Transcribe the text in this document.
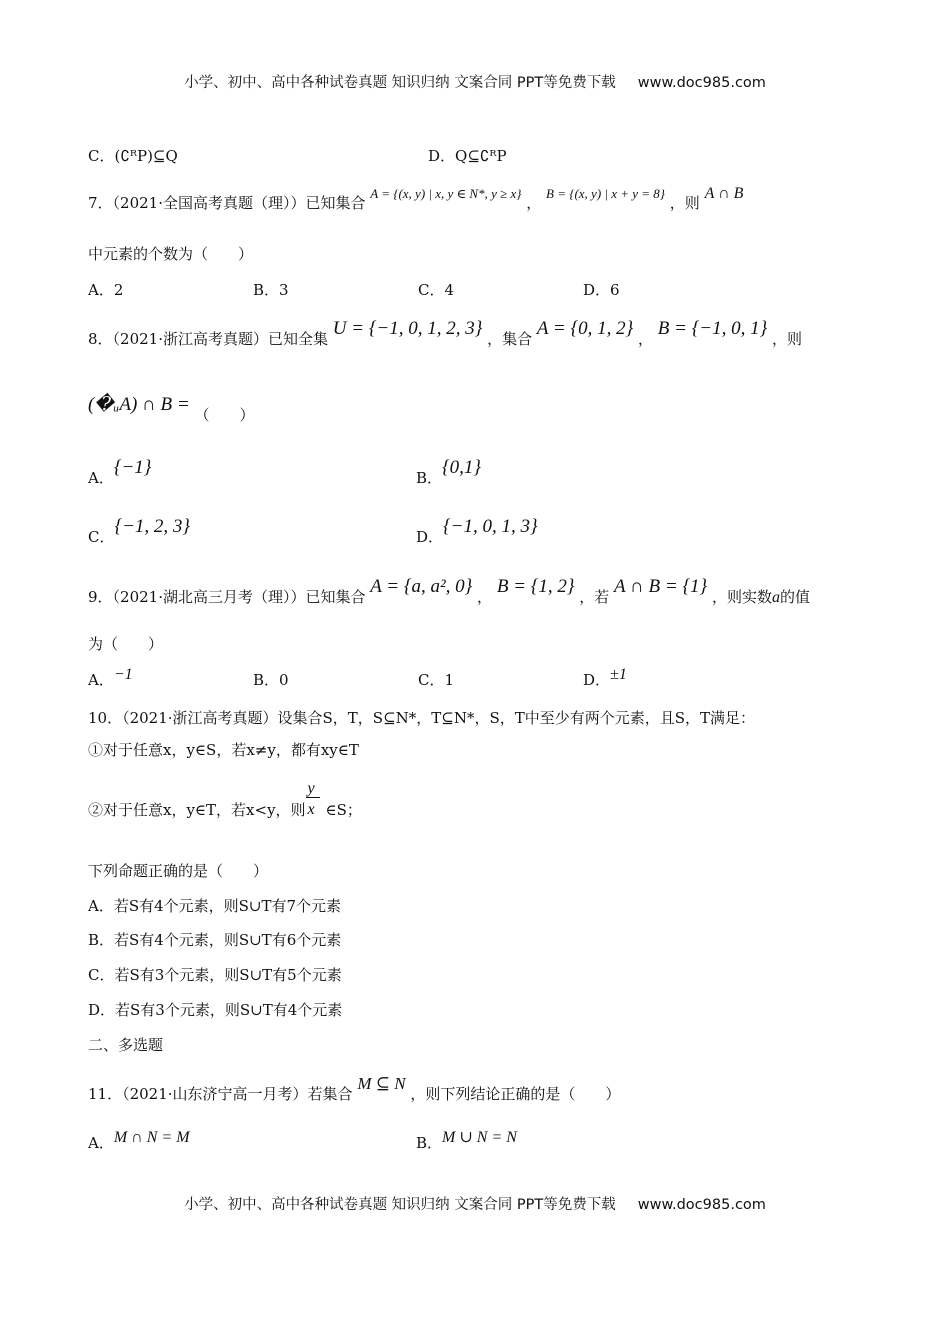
小学、初中、高中各种试卷真题 知识归纳 文案合同 PPT等免费下载 www.doc985.com
C．(∁ᴿP)⊆Q	D．Q⊆∁ᴿP
7．（2021·全国高考真题（理））已知集合 A = {(x, y) | x, y ∈ N*, y ≥ x} ， B = {(x, y) | x + y = 8} ，则 A ∩ B
中元素的个数为（　　）
A．2	B．3	C．4	D．6
8．（2021·浙江高考真题）已知全集 U = {−1, 0, 1, 2, 3} ，集合 A = {0, 1, 2} ， B = {−1, 0, 1} ，则
(�ᵤA) ∩ B = （　　）
A．{−1}	B．{0,1}
C．{−1, 2, 3}	D．{−1, 0, 1, 3}
9．（2021·湖北高三月考（理））已知集合 A = {a, a², 0} ， B = {1, 2} ，若 A ∩ B = {1} ，则实数a的值
为（　　）
A．−1	B．0	C．1	D．±1
10．（2021·浙江高考真题）设集合S，T，S⊆N*，T⊆N*，S，T中至少有两个元素，且S，T满足：
①对于任意x，y∈S，若x≠y，都有xy∈T
②对于任意x，y∈T，若x<y，则 $\frac{y}{x}$ ∈S；
下列命题正确的是（　　）
A．若S有4个元素，则S∪T有7个元素
B．若S有4个元素，则S∪T有6个元素
C．若S有3个元素，则S∪T有5个元素
D．若S有3个元素，则S∪T有4个元素
二、多选题
11．（2021·山东济宁高一月考）若集合 M ⊆ N ，则下列结论正确的是（　　）
A．M ∩ N = M	B．M ∪ N = N
小学、初中、高中各种试卷真题 知识归纳 文案合同 PPT等免费下载 www.doc985.com
